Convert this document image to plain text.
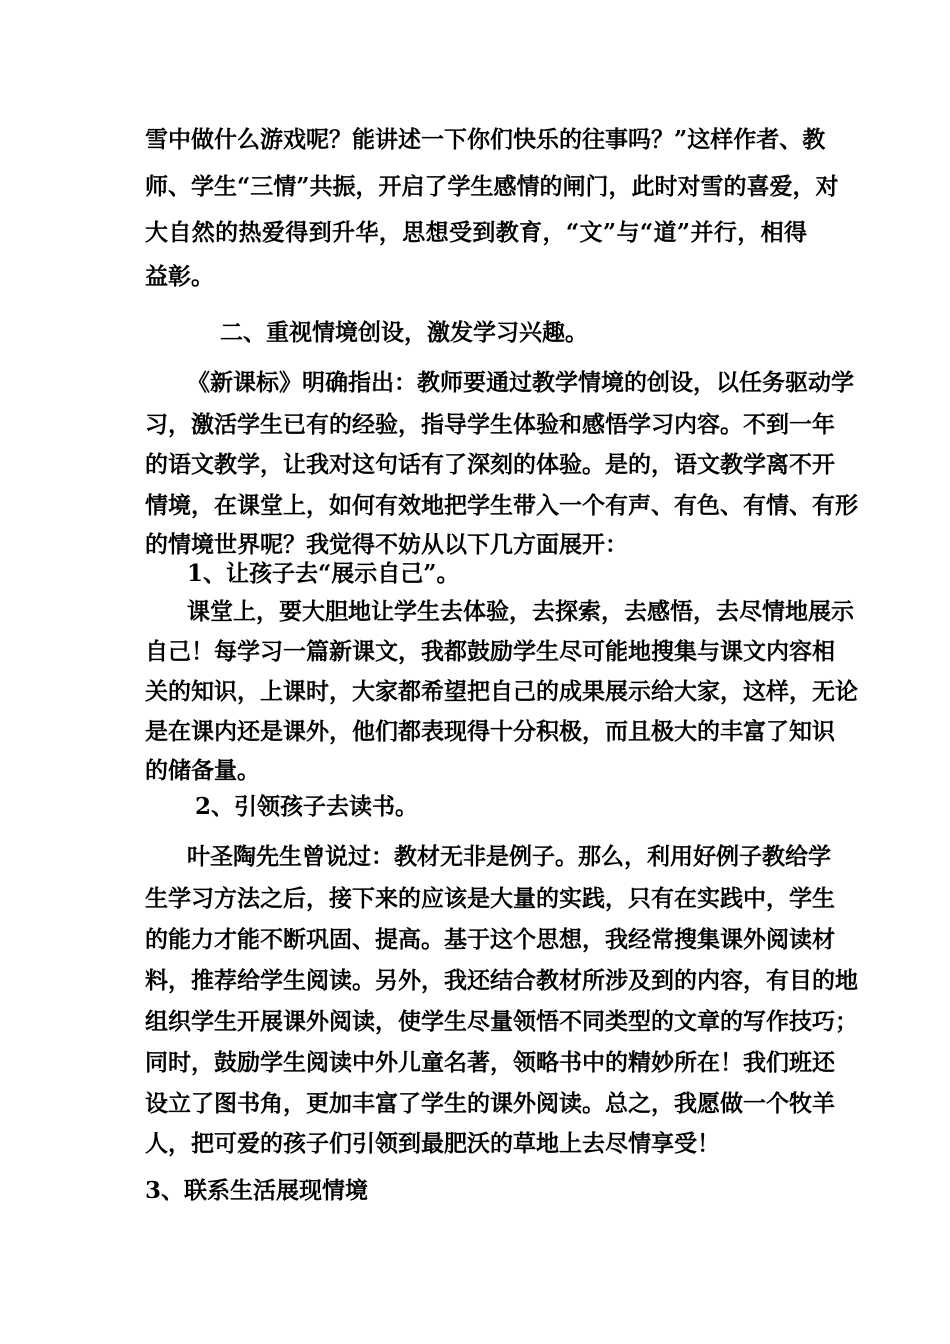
雪中做什么游戏呢？能讲述一下你们快乐的往事吗？”这样作者、教
师、学生“三情”共振，开启了学生感情的闸门，此时对雪的喜爱，对
大自然的热爱得到升华，思想受到教育，“文”与“道”并行，相得
益彰。
二、重视情境创设，激发学习兴趣。
《新课标》明确指出：教师要通过教学情境的创设，以任务驱动学
习，激活学生已有的经验，指导学生体验和感悟学习内容。不到一年
的语文教学，让我对这句话有了深刻的体验。是的，语文教学离不开
情境，在课堂上，如何有效地把学生带入一个有声、有色、有情、有形
的情境世界呢？我觉得不妨从以下几方面展开：
1、让孩子去“展示自己”。
课堂上，要大胆地让学生去体验，去探索，去感悟，去尽情地展示
自己！每学习一篇新课文，我都鼓励学生尽可能地搜集与课文内容相
关的知识，上课时，大家都希望把自己的成果展示给大家，这样，无论
是在课内还是课外，他们都表现得十分积极，而且极大的丰富了知识
的储备量。
2、引领孩子去读书。
叶圣陶先生曾说过：教材无非是例子。那么，利用好例子教给学
生学习方法之后，接下来的应该是大量的实践，只有在实践中，学生
的能力才能不断巩固、提高。基于这个思想，我经常搜集课外阅读材
料，推荐给学生阅读。另外，我还结合教材所涉及到的内容，有目的地
组织学生开展课外阅读，使学生尽量领悟不同类型的文章的写作技巧；
同时，鼓励学生阅读中外儿童名著，领略书中的精妙所在！我们班还
设立了图书角，更加丰富了学生的课外阅读。总之，我愿做一个牧羊
人，把可爱的孩子们引领到最肥沃的草地上去尽情享受！
3、联系生活展现情境
